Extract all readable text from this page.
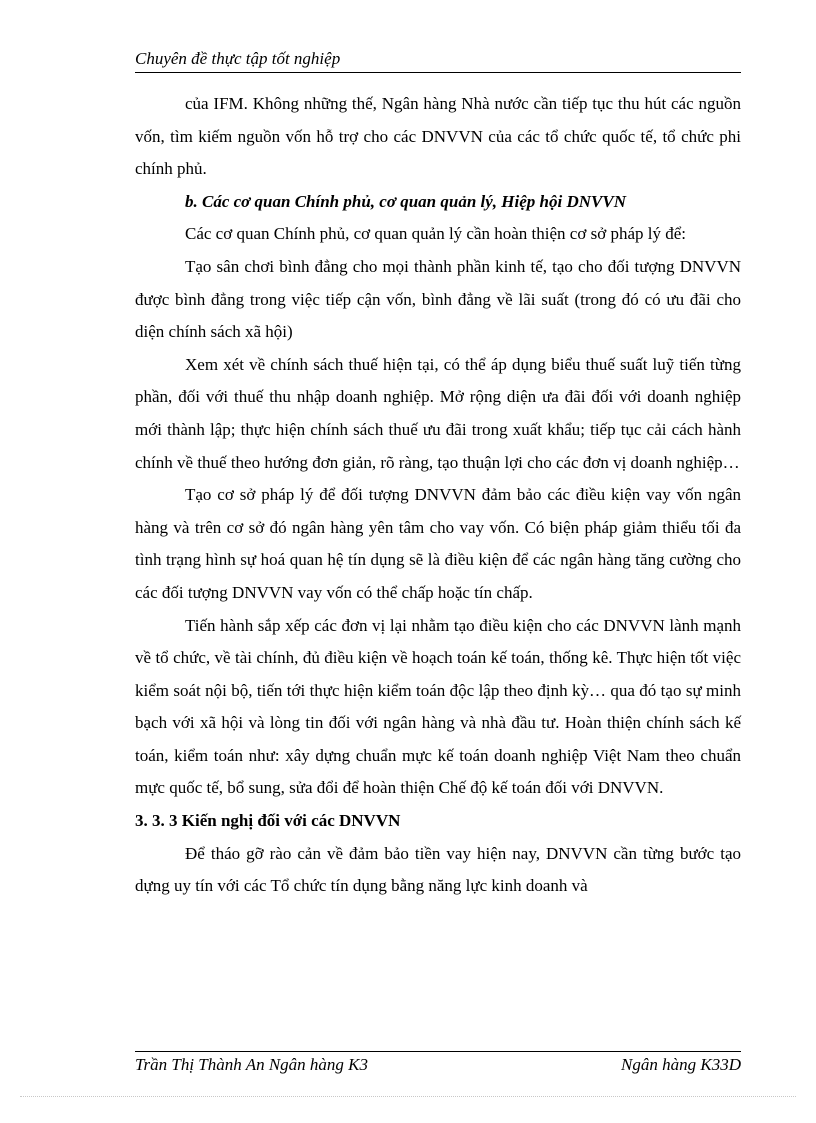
Chuyên đề thực tập tốt nghiệp

của IFM. Không những thế, Ngân hàng Nhà nước cần tiếp tục thu hút các nguồn vốn, tìm kiếm nguồn vốn hỗ trợ cho các DNVVN của các tổ chức quốc tế, tổ chức phi chính phủ.

b. Các cơ quan Chính phủ, cơ quan quản lý, Hiệp hội DNVVN

Các cơ quan Chính phủ, cơ quan quản lý cần hoàn thiện cơ sở pháp lý để:

Tạo sân chơi bình đẳng cho mọi thành phần kinh tế, tạo cho đối tượng DNVVN được bình đẳng trong việc tiếp cận vốn, bình đẳng về lãi suất (trong đó có ưu đãi cho diện chính sách xã hội)

Xem xét về chính sách thuế hiện tại, có thể áp dụng biểu thuế suất luỹ tiến từng phần, đối với thuế thu nhập doanh nghiệp. Mở rộng diện ưa đãi đối với doanh nghiệp mới thành lập; thực hiện chính sách thuế ưu đãi trong xuất khẩu; tiếp tục cải cách hành chính về thuế theo hướng đơn giản, rõ ràng, tạo thuận lợi cho các đơn vị doanh nghiệp…

Tạo cơ sở pháp lý để đối tượng DNVVN đảm bảo các điều kiện vay vốn ngân hàng và trên cơ sở đó ngân hàng yên tâm cho vay vốn. Có biện pháp giảm thiểu tối đa tình trạng hình sự hoá quan hệ tín dụng sẽ là điều kiện để các ngân hàng tăng cường cho các đối tượng DNVVN vay vốn có thể chấp hoặc tín chấp.

Tiến hành sắp xếp các đơn vị lại nhằm tạo điều kiện cho các DNVVN lành mạnh về tổ chức, về tài chính, đủ điều kiện về hoạch toán kế toán, thống kê. Thực hiện tốt việc kiểm soát nội bộ, tiến tới thực hiện kiểm toán độc lập theo định kỳ… qua đó tạo sự minh bạch với xã hội và lòng tin đối với ngân hàng và nhà đầu tư. Hoàn thiện chính sách kế toán, kiểm toán như: xây dựng chuẩn mực kế toán doanh nghiệp Việt Nam theo chuẩn mực quốc tế, bổ sung, sửa đổi để hoàn thiện Chế độ kế toán đối với DNVVN.

3. 3. 3 Kiến nghị đối với các DNVVN

Để tháo gỡ rào cản về đảm bảo tiền vay hiện nay, DNVVN cần từng bước tạo dựng uy tín với các Tổ chức tín dụng bằng năng lực kinh doanh và

Trần Thị Thành An Ngân hàng K3	Ngân hàng K33D
